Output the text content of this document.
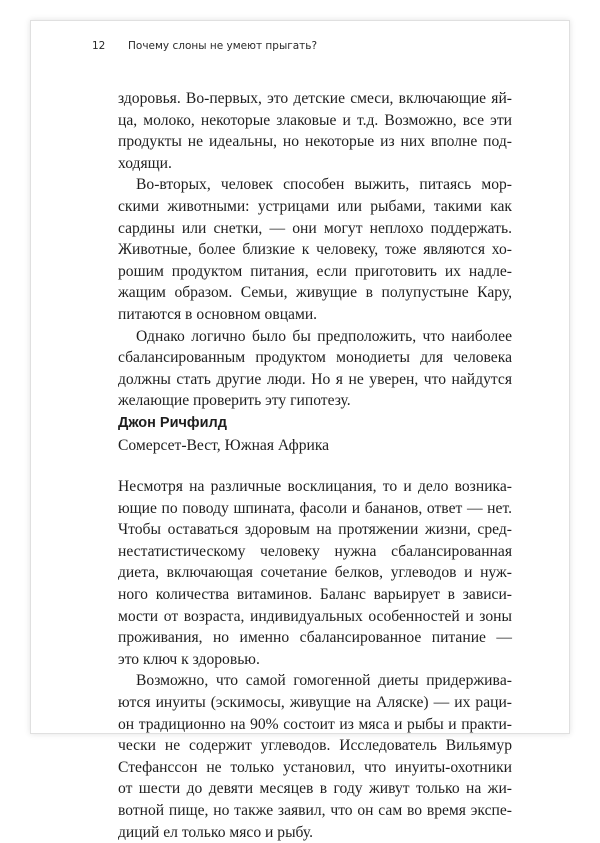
12 Почему слоны не умеют прыгать?
здоровья. Во-первых, это детские смеси, включающие яй-
ца, молоко, некоторые злаковые и т.д. Возможно, все эти
продукты не идеальны, но некоторые из них вполне под-
ходящи.
Во-вторых, человек способен выжить, питаясь мор-
скими животными: устрицами или рыбами, такими как
сардины или снетки, — они могут неплохо поддержать.
Животные, более близкие к человеку, тоже являются хо-
рошим продуктом питания, если приготовить их надле-
жащим образом. Семьи, живущие в полупустыне Кару,
питаются в основном овцами.
Однако логично было бы предположить, что наиболее
сбалансированным продуктом монодиеты для человека
должны стать другие люди. Но я не уверен, что найдутся
желающие проверить эту гипотезу.
Джон Ричфилд
Сомерсет-Вест, Южная Африка
Несмотря на различные восклицания, то и дело возника-
ющие по поводу шпината, фасоли и бананов, ответ — нет.
Чтобы оставаться здоровым на протяжении жизни, сред-
нестатистическому человеку нужна сбалансированная
диета, включающая сочетание белков, углеводов и нуж-
ного количества витаминов. Баланс варьирует в зависи-
мости от возраста, индивидуальных особенностей и зоны
проживания, но именно сбалансированное питание —
это ключ к здоровью.
Возможно, что самой гомогенной диеты придерживa-
ются инуиты (эскимосы, живущие на Аляске) — их раци-
он традиционно на 90% состоит из мяса и рыбы и практи-
чески не содержит углеводов. Исследователь Вильямур
Стефанссон не только установил, что инуиты-охотники
от шести до девяти месяцев в году живут только на жи-
вотной пище, но также заявил, что он сам во время экспе-
диций ел только мясо и рыбу.
